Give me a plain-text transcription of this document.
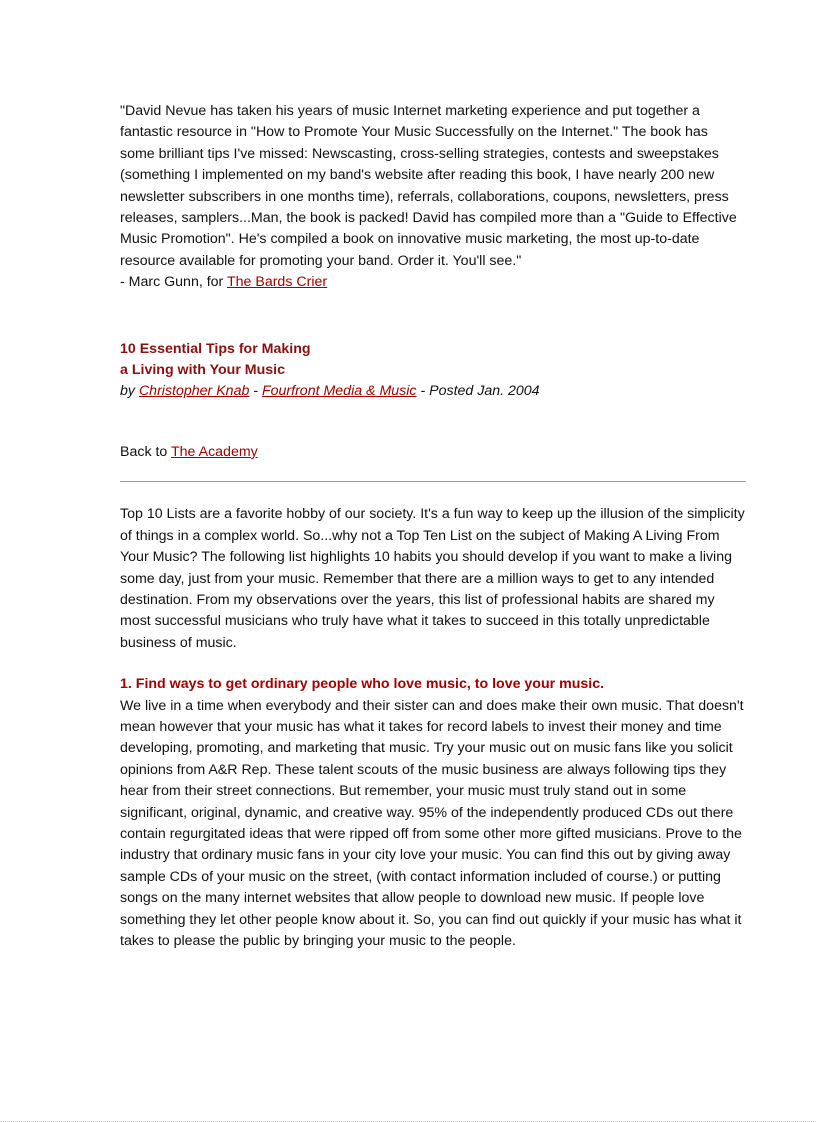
"David Nevue has taken his years of music Internet marketing experience and put together a fantastic resource in "How to Promote Your Music Successfully on the Internet." The book has some brilliant tips I've missed: Newscasting, cross-selling strategies, contests and sweepstakes (something I implemented on my band's website after reading this book, I have nearly 200 new newsletter subscribers in one months time), referrals, collaborations, coupons, newsletters, press releases, samplers...Man, the book is packed! David has compiled more than a "Guide to Effective Music Promotion". He's compiled a book on innovative music marketing, the most up-to-date resource available for promoting your band. Order it. You'll see."

- Marc Gunn, for The Bards Crier

10 Essential Tips for Making
a Living with Your Music

by Christopher Knab - Fourfront Media & Music - Posted Jan. 2004

Back to The Academy

Top 10 Lists are a favorite hobby of our society. It's a fun way to keep up the illusion of the simplicity of things in a complex world. So...why not a Top Ten List on the subject of Making A Living From Your Music? The following list highlights 10 habits you should develop if you want to make a living some day, just from your music. Remember that there are a million ways to get to any intended destination. From my observations over the years, this list of professional habits are shared my most successful musicians who truly have what it takes to succeed in this totally unpredictable business of music.

1. Find ways to get ordinary people who love music, to love your music.

We live in a time when everybody and their sister can and does make their own music. That doesn't mean however that your music has what it takes for record labels to invest their money and time developing, promoting, and marketing that music. Try your music out on music fans like you solicit opinions from A&R Rep. These talent scouts of the music business are always following tips they hear from their street connections. But remember, your music must truly stand out in some significant, original, dynamic, and creative way. 95% of the independently produced CDs out there contain regurgitated ideas that were ripped off from some other more gifted musicians. Prove to the industry that ordinary music fans in your city love your music. You can find this out by giving away sample CDs of your music on the street, (with contact information included of course.) or putting songs on the many internet websites that allow people to download new music. If people love something they let other people know about it. So, you can find out quickly if your music has what it takes to please the public by bringing your music to the people.
